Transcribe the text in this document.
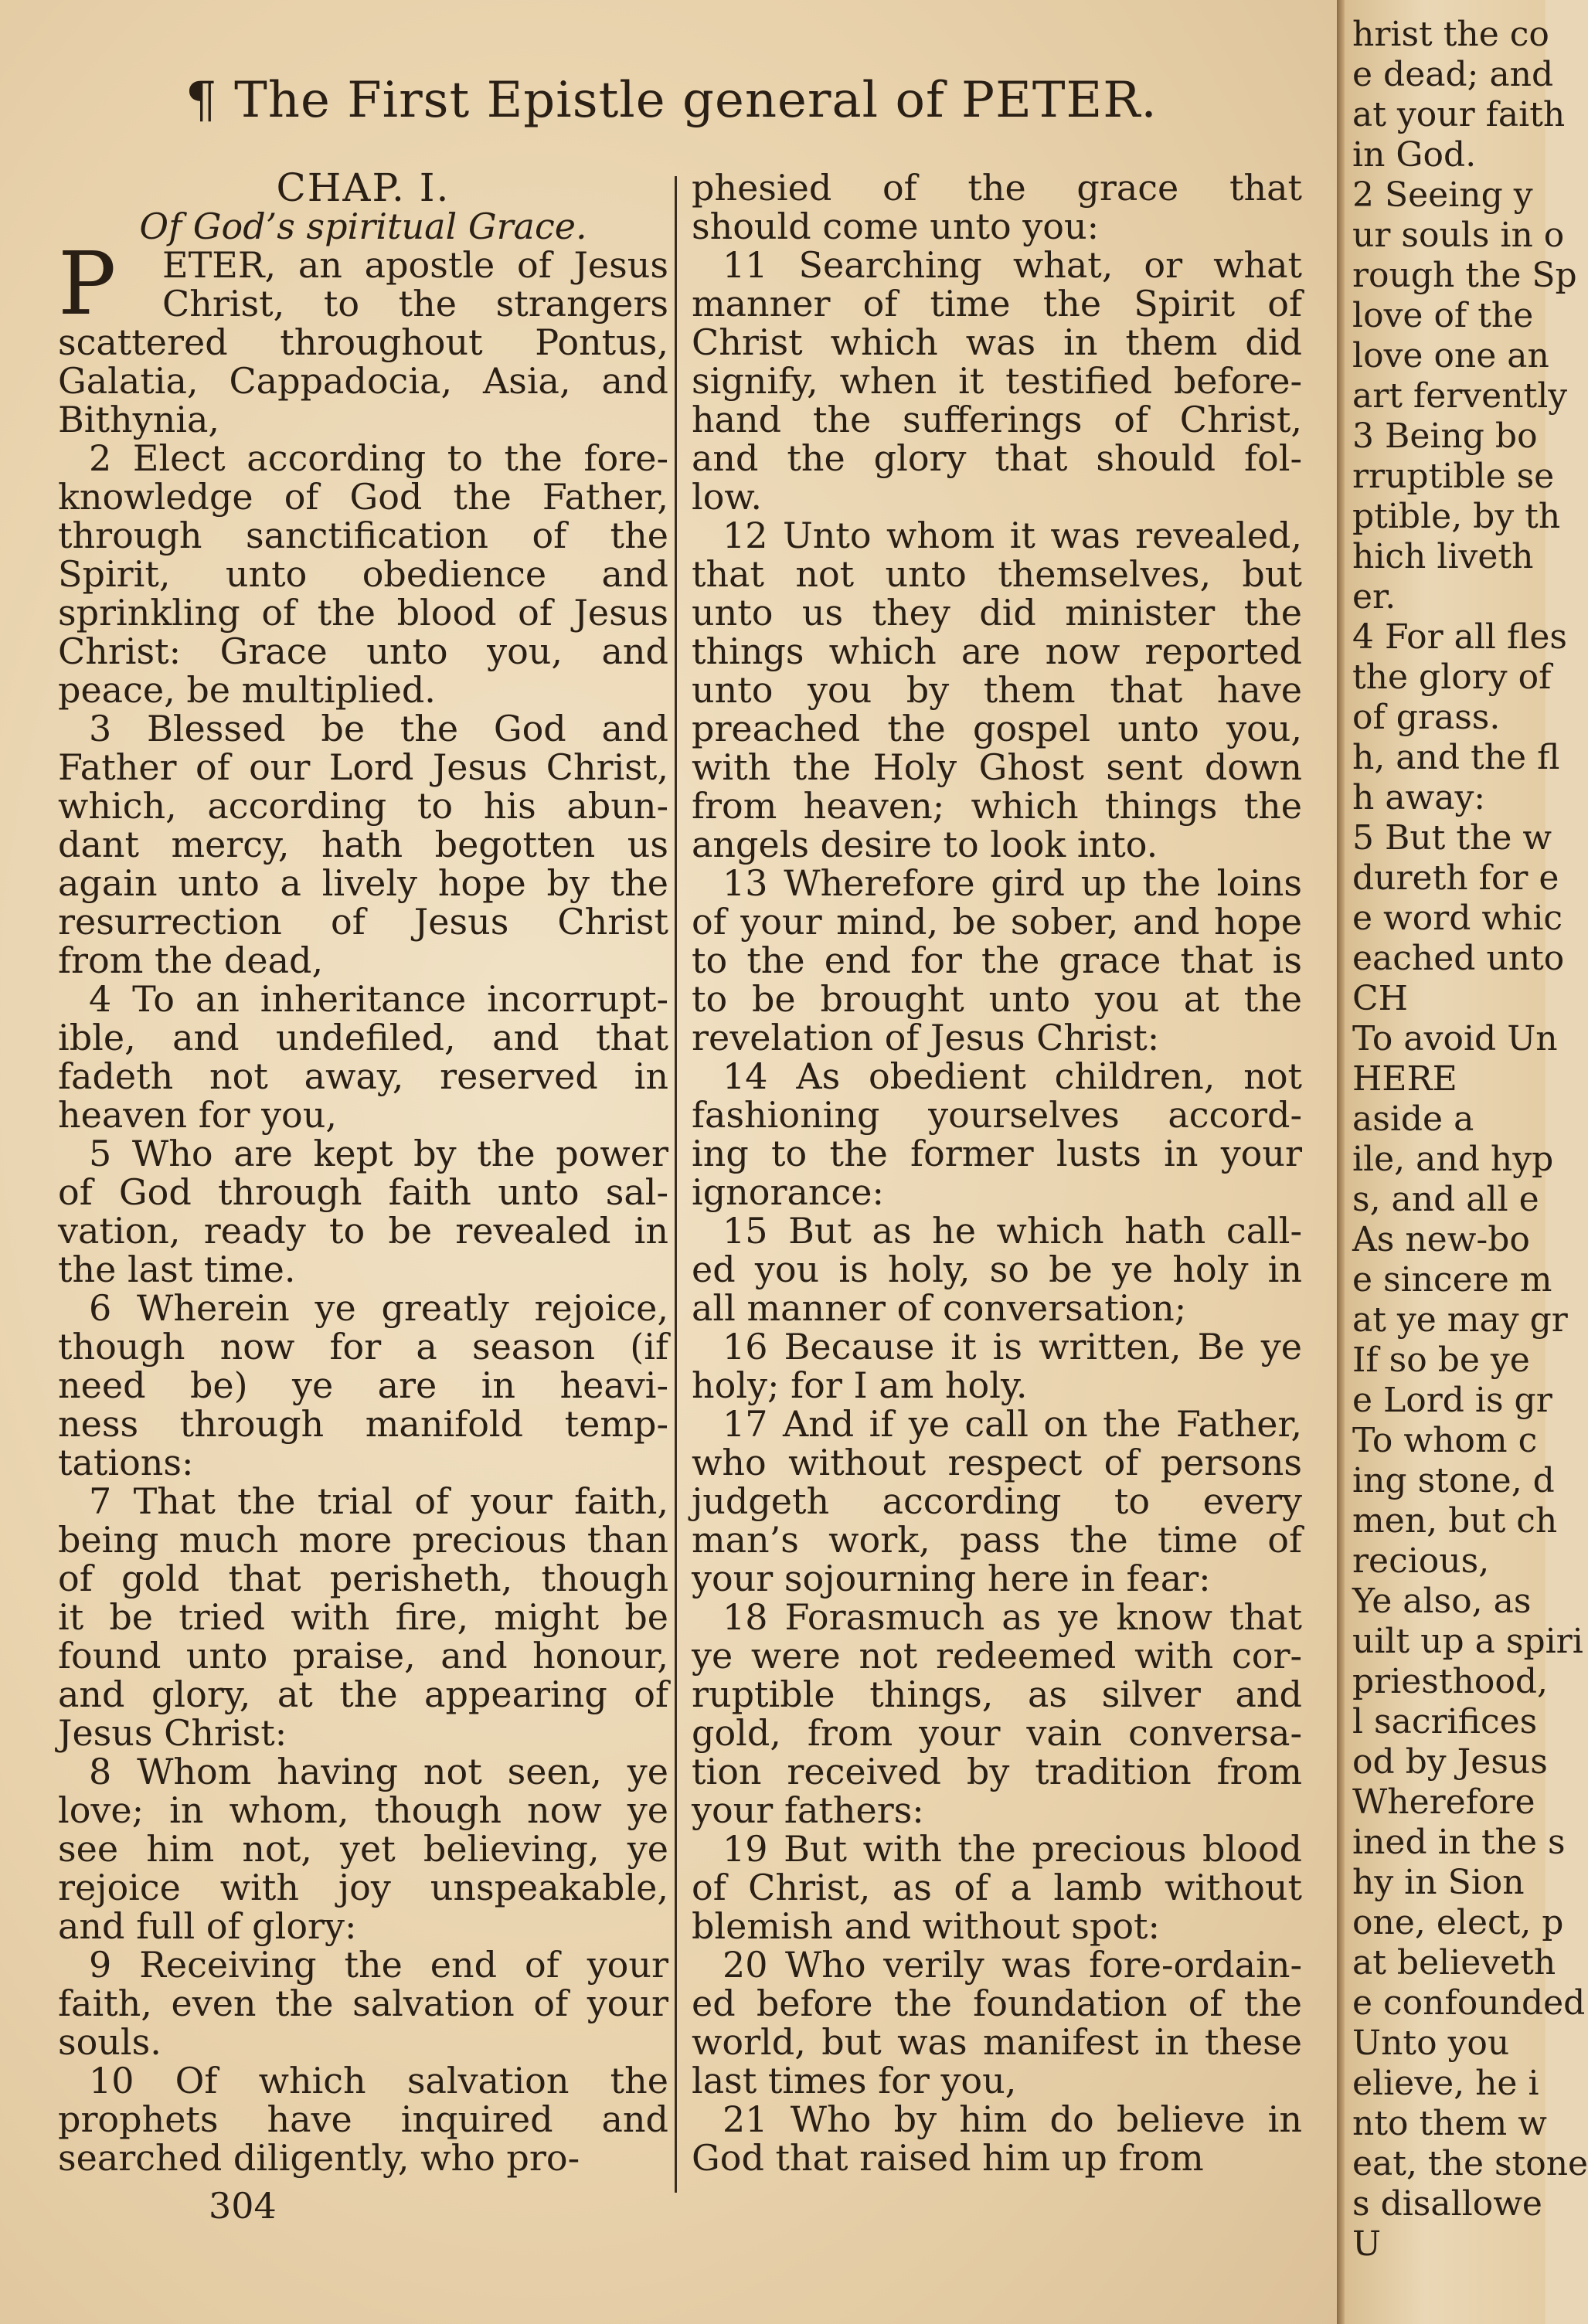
¶ The First Epistle general of PETER.
CHAP. I.
Of God’s spiritual Grace.
P	ETER, an apostle of Jesus
Christ, to the strangers
scattered throughout Pontus,
Galatia, Cappadocia, Asia, and
Bithynia,
2 Elect according to the fore-
knowledge of God the Father,
through sanctification of the
Spirit, unto obedience and
sprinkling of the blood of Jesus
Christ: Grace unto you, and
peace, be multiplied.
3 Blessed be the God and
Father of our Lord Jesus Christ,
which, according to his abun-
dant mercy, hath begotten us
again unto a lively hope by the
resurrection of Jesus Christ
from the dead,
4 To an inheritance incorrupt-
ible, and undefiled, and that
fadeth not away, reserved in
heaven for you,
5 Who are kept by the power
of God through faith unto sal-
vation, ready to be revealed in
the last time.
6 Wherein ye greatly rejoice,
though now for a season (if
need be) ye are in heavi-
ness through manifold temp-
tations:
7 That the trial of your faith,
being much more precious than
of gold that perisheth, though
it be tried with fire, might be
found unto praise, and honour,
and glory, at the appearing of
Jesus Christ:
8 Whom having not seen, ye
love; in whom, though now ye
see him not, yet believing, ye
rejoice with joy unspeakable,
and full of glory:
9 Receiving the end of your
faith, even the salvation of your
souls.
10 Of which salvation the
prophets have inquired and
searched diligently, who pro-
phesied of the grace that
should come unto you:
11 Searching what, or what
manner of time the Spirit of
Christ which was in them did
signify, when it testified before-
hand the sufferings of Christ,
and the glory that should fol-
low.
12 Unto whom it was revealed,
that not unto themselves, but
unto us they did minister the
things which are now reported
unto you by them that have
preached the gospel unto you,
with the Holy Ghost sent down
from heaven; which things the
angels desire to look into.
13 Wherefore gird up the loins
of your mind, be sober, and hope
to the end for the grace that is
to be brought unto you at the
revelation of Jesus Christ:
14 As obedient children, not
fashioning yourselves accord-
ing to the former lusts in your
ignorance:
15 But as he which hath call-
ed you is holy, so be ye holy in
all manner of conversation;
16 Because it is written, Be ye
holy; for I am holy.
17 And if ye call on the Father,
who without respect of persons
judgeth according to every
man’s work, pass the time of
your sojourning here in fear:
18 Forasmuch as ye know that
ye were not redeemed with cor-
ruptible things, as silver and
gold, from your vain conversa-
tion received by tradition from
your fathers:
19 But with the precious blood
of Christ, as of a lamb without
blemish and without spot:
20 Who verily was fore-ordain-
ed before the foundation of the
world, but was manifest in these
last times for you,
21 Who by him do believe in
God that raised him up from
304
hrist the co
e dead; and
at your faith
in God.
2 Seeing y
ur souls in o
rough the Sp
love of the
love one an
art fervently
3 Being bo
rruptible se
ptible, by th
hich liveth
er.
4 For all fles
the glory of
of grass.
h, and the fl
h away:
5 But the w
dureth for e
e word whic
eached unto
CH
To avoid Un
HERE
aside a
ile, and hyp
s, and all e
As new-bo
e sincere m
at ye may gr
If so be ye
e Lord is gr
To whom c
ing stone, d
men, but ch
recious,
Ye also, as
uilt up a spiri
priesthood,
l sacrifices
od by Jesus
Wherefore
ined in the s
hy in Sion
one, elect, p
at believeth
e confounded
Unto you
elieve, he i
nto them w
eat, the stone
s disallowe
U
